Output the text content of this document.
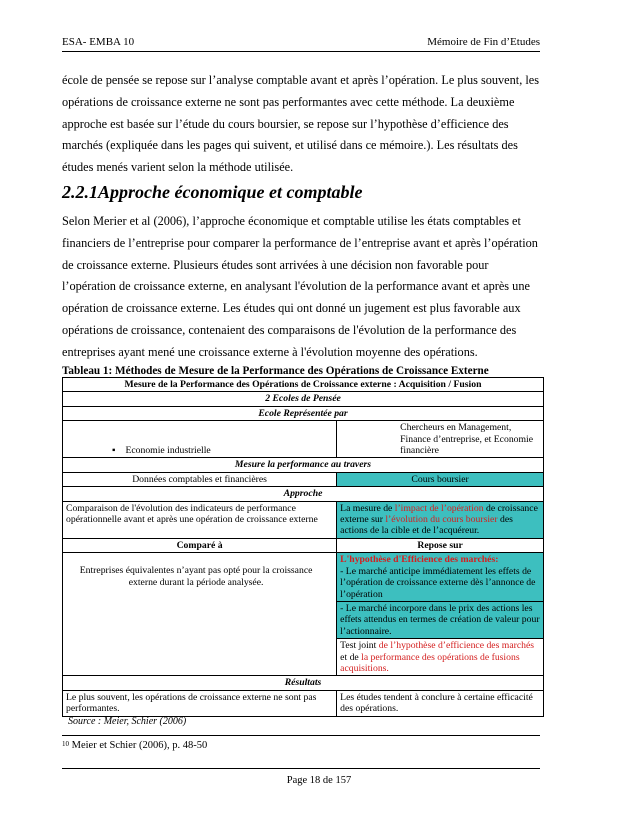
ESA- EMBA 10	Mémoire de Fin d’Etudes
école de pensée se repose sur l’analyse comptable avant et après l’opération. Le plus souvent, les opérations de croissance externe ne sont pas performantes avec cette méthode. La deuxième approche est basée sur l’étude du cours boursier, se repose sur l’hypothèse d’efficience des marchés (expliquée dans les pages qui suivent, et utilisé dans ce mémoire.). Les résultats des études menés varient selon la méthode utilisée.
2.2.1Approche économique et comptable
Selon Merier et al (2006), l’approche économique et comptable utilise les états comptables et financiers de l’entreprise pour comparer la performance de l’entreprise avant et après l’opération de croissance externe. Plusieurs études sont arrivées à une décision non favorable pour l’opération de croissance externe, en analysant l'évolution de la performance avant et après une opération de croissance externe. Les études qui ont donné un jugement est plus favorable aux opérations de croissance, contenaient des comparaisons de l'évolution de la performance des entreprises ayant mené une croissance externe à l'évolution moyenne des opérations.
Tableau 1: Méthodes de Mesure de la Performance des Opérations de Croissance Externe
Mesure de la Performance des Opérations de Croissance externe : Acquisition / Fusion	
2 Ecoles de Pensée	
Ecole Représentée par	
▪ Economie industrielle	Chercheurs en Management, Finance d’entreprise, et Economie financière

Mesure la performance au travers	
Données comptables et financières	Cours boursier
Approche	
Comparaison de l'évolution des indicateurs de performance opérationnelle avant et après une opération de croissance externe	La mesure de l’impact de l’opération de croissance externe sur l’évolution du cours boursier des actions de la cible et de l’acquéreur.
Comparé à	Repose sur
Entreprises équivalentes n’ayant pas opté pour la croissance externe durant la période analysée.	L'hypothèse d'Efficience des marchés:
- Le marché anticipe immédiatement les effets de l’opération de croissance externe dès l’annonce de l’opération

	- Le marché incorpore dans le prix des actions les effets attendus en termes de création de valeur pour l’actionnaire.
	Test joint de l’hypothèse d’efficience des marchés et de la performance des opérations de fusions acquisitions.
Résultats	
Le plus souvent, les opérations de croissance externe ne sont pas performantes.	Les études tendent à conclure à certaine efficacité des opérations.
Source : Meier, Schier (2006)
$^{10}$ Meier et Schier (2006), p. 48-50
Page 18 de 157
